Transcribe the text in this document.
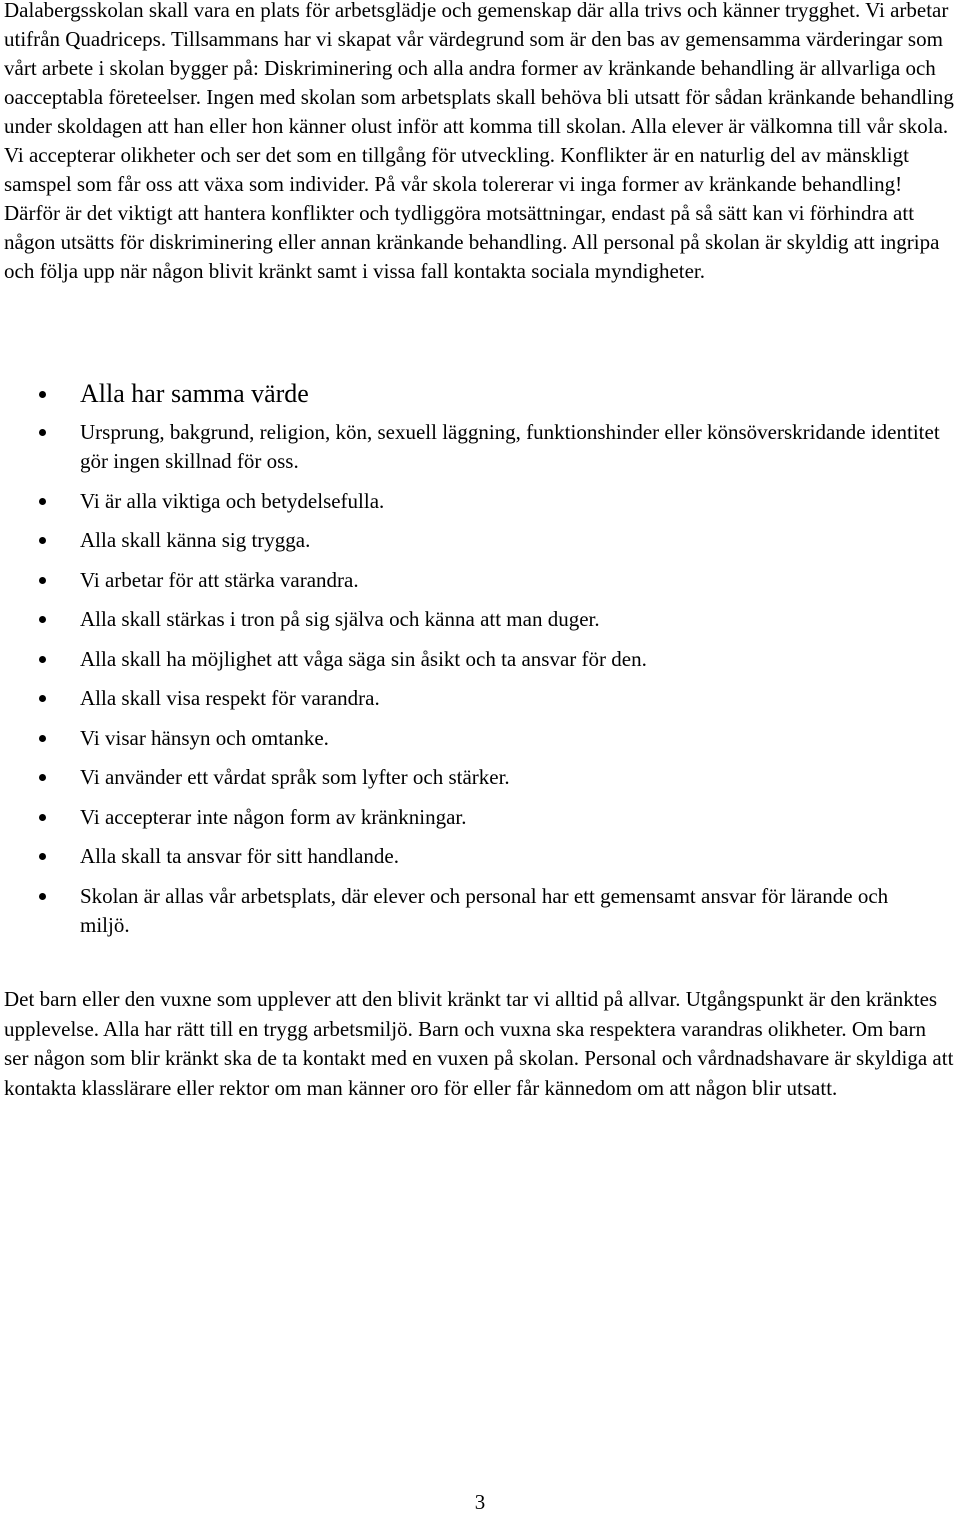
Dalabergsskolan skall vara en plats för arbetsglädje och gemenskap där alla trivs och känner trygghet. Vi arbetar utifrån Quadriceps. Tillsammans har vi skapat vår värdegrund som är den bas av gemensamma värderingar som vårt arbete i skolan bygger på: Diskriminering och alla andra former av kränkande behandling är allvarliga och oacceptabla företeelser. Ingen med skolan som arbetsplats skall behöva bli utsatt för sådan kränkande behandling under skoldagen att han eller hon känner olust inför att komma till skolan. Alla elever är välkomna till vår skola. Vi accepterar olikheter och ser det som en tillgång för utveckling. Konflikter är en naturlig del av mänskligt samspel som får oss att växa som individer. På vår skola tolererar vi inga former av kränkande behandling! Därför är det viktigt att hantera konflikter och tydliggöra motsättningar, endast på så sätt kan vi förhindra att någon utsätts för diskriminering eller annan kränkande behandling. All personal på skolan är skyldig att ingripa och följa upp när någon blivit kränkt samt i vissa fall kontakta sociala myndigheter.

Alla har samma värde
Ursprung, bakgrund, religion, kön, sexuell läggning, funktionshinder eller könsöverskridande identitet gör ingen skillnad för oss.
Vi är alla viktiga och betydelsefulla.
Alla skall känna sig trygga.
Vi arbetar för att stärka varandra.
Alla skall stärkas i tron på sig själva och känna att man duger.
Alla skall ha möjlighet att våga säga sin åsikt och ta ansvar för den.
Alla skall visa respekt för varandra.
Vi visar hänsyn och omtanke.
Vi använder ett vårdat språk som lyfter och stärker.
Vi accepterar inte någon form av kränkningar.
Alla skall ta ansvar för sitt handlande.
Skolan är allas vår arbetsplats, där elever och personal har ett gemensamt ansvar för lärande och miljö.

Det barn eller den vuxne som upplever att den blivit kränkt tar vi alltid på allvar. Utgångspunkt är den kränktes upplevelse. Alla har rätt till en trygg arbetsmiljö. Barn och vuxna ska respektera varandras olikheter. Om barn ser någon som blir kränkt ska de ta kontakt med en vuxen på skolan. Personal och vårdnadshavare är skyldiga att kontakta klasslärare eller rektor om man känner oro för eller får kännedom om att någon blir utsatt.

3
